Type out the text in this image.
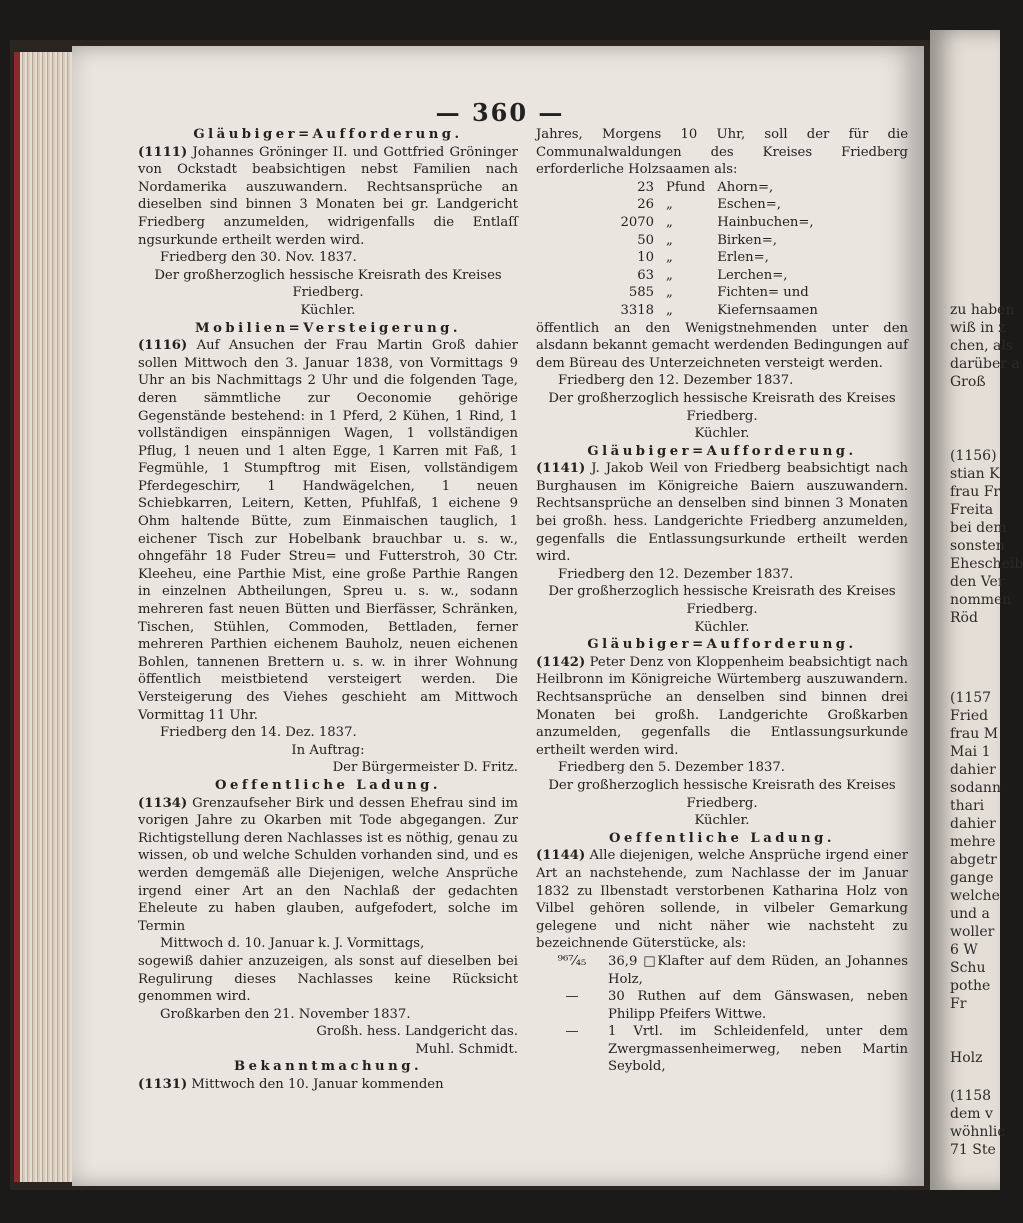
zu haben
wiß in z
chen, als
darüber a
Groß
(1156)
stian K
frau Fr
Freita
bei dem
sonsten
Ehescheib
den Ver
nommen
Röd
(1157
Fried
frau M
Mai 1
dahier
sodann
thari
dahier
mehre
abgetr
gange
welche
und a
woller
6 W
Schu
pothe
Fr
Holz
(1158
dem v
wöhnlic
71 Ste
— 360 —

Gläubiger=Aufforderung.

(1111) Johannes Gröninger II. und Gottfried Gröninger von Ockstadt beabsichtigen nebst Familien nach Nordamerika auszuwandern. Rechtsansprüche an dieselben sind binnen 3 Monaten bei gr. Landgericht Friedberg anzumelden, widrigenfalls die Entlaſſ ngsurkunde ertheilt werden wird.

Friedberg den 30. Nov. 1837.

Der großherzoglich hessische Kreisrath des Kreises Friedberg.

Küchler.

Mobilien=Versteigerung.

(1116) Auf Ansuchen der Frau Martin Groß dahier sollen Mittwoch den 3. Januar 1838, von Vormittags 9 Uhr an bis Nachmittags 2 Uhr und die folgenden Tage, deren sämmtliche zur Oeconomie gehörige Gegenstände bestehend: in 1 Pferd, 2 Kühen, 1 Rind, 1 vollständigen einspännigen Wagen, 1 vollständigen Pflug, 1 neuen und 1 alten Egge, 1 Karren mit Faß, 1 Fegmühle, 1 Stumpftrog mit Eisen, vollständigem Pferdegeschirr, 1 Handwägelchen, 1 neuen Schiebkarren, Leitern, Ketten, Pfuhlfaß, 1 eichene 9 Ohm haltende Bütte, zum Einmaischen tauglich, 1 eichener Tisch zur Hobelbank brauchbar u. s. w., ohngefähr 18 Fuder Streu= und Futterstroh, 30 Ctr. Kleeheu, eine Parthie Mist, eine große Parthie Rangen in einzelnen Abtheilungen, Spreu u. s. w., sodann mehreren fast neuen Bütten und Bierfässer, Schränken, Tischen, Stühlen, Commoden, Bettladen, ferner mehreren Parthien eichenem Bauholz, neuen eichenen Bohlen, tannenen Brettern u. s. w. in ihrer Wohnung öffentlich meistbietend versteigert werden. Die Versteigerung des Viehes geschieht am Mittwoch Vormittag 11 Uhr.

Friedberg den 14. Dez. 1837.

In Auftrag:

Der Bürgermeister D. Fritz.

Oeffentliche Ladung.

(1134) Grenzaufseher Birk und dessen Ehefrau sind im vorigen Jahre zu Okarben mit Tode abgegangen. Zur Richtigstellung deren Nachlasses ist es nöthig, genau zu wissen, ob und welche Schulden vorhanden sind, und es werden demgemäß alle Diejenigen, welche Ansprüche irgend einer Art an den Nachlaß der gedachten Eheleute zu haben glauben, aufgefodert, solche im Termin

Mittwoch d. 10. Januar k. J. Vormittags,

sogewiß dahier anzuzeigen, als sonst auf dieselben bei Regulirung dieses Nachlasses keine Rücksicht genommen wird.

Großkarben den 21. November 1837.

Großh. hess. Landgericht das.

Muhl. Schmidt.

Bekanntmachung.

(1131) Mittwoch den 10. Januar kommenden

Jahres, Morgens 10 Uhr, soll der für die Communalwaldungen des Kreises Friedberg erforderliche Holzsaamen als:

23	Pfund	Ahorn=,
26	„	Eschen=,
2070	„	Hainbuchen=,
50	„	Birken=,
10	„	Erlen=,
63	„	Lerchen=,
585	„	Fichten= und
3318	„	Kiefernsaamen

öffentlich an den Wenigstnehmenden unter den alsdann bekannt gemacht werdenden Bedingungen auf dem Büreau des Unterzeichneten versteigt werden.

Friedberg den 12. Dezember 1837.

Der großherzoglich hessische Kreisrath des Kreises Friedberg.

Küchler.

Gläubiger=Aufforderung.

(1141) J. Jakob Weil von Friedberg beabsichtigt nach Burghausen im Königreiche Baiern auszuwandern. Rechtsansprüche an denselben sind binnen 3 Monaten bei großh. hess. Landgerichte Friedberg anzumelden, gegenfalls die Entlassungsurkunde ertheilt werden wird.

Friedberg den 12. Dezember 1837.

Der großherzoglich hessische Kreisrath des Kreises Friedberg.

Küchler.

Gläubiger=Aufforderung.

(1142) Peter Denz von Kloppenheim beabsichtigt nach Heilbronn im Königreiche Würtemberg auszuwandern. Rechtsansprüche an denselben sind binnen drei Monaten bei großh. Landgerichte Großkarben anzumelden, gegenfalls die Entlassungsurkunde ertheilt werden wird.

Friedberg den 5. Dezember 1837.

Der großherzoglich hessische Kreisrath des Kreises Friedberg.

Küchler.

Oeffentliche Ladung.

(1144) Alle diejenigen, welche Ansprüche irgend einer Art an nachstehende, zum Nachlasse der im Januar 1832 zu Ilbenstadt verstorbenen Katharina Holz von Vilbel gehören sollende, in vilbeler Gemarkung gelegene und nicht näher wie nachsteht zu bezeichnende Güterstücke, als:

⁹⁶⁷⁄₄₅	36,9 □Klafter auf dem Rüden, an Johannes Holz,
—	30 Ruthen auf dem Gänswasen, neben Philipp Pfeifers Wittwe.
—	1 Vrtl. im Schleidenfeld, unter dem Zwergmassenheimerweg, neben Martin Seybold,
